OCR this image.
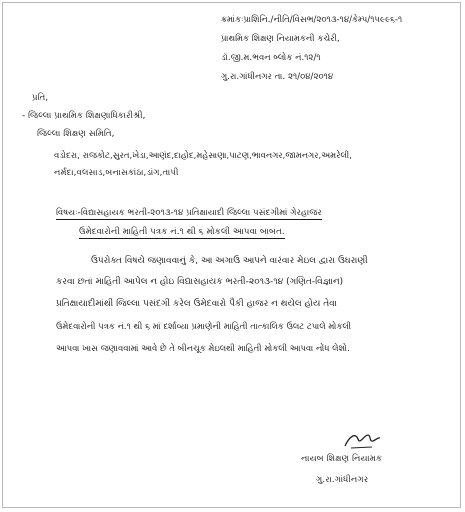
ક્રમાંકઃપ્રાશિનિ./નીતિ/વિસભ/૨૦૧૩-૧૪/કેમ્પ/૧૫૯૯૬-૧
પ્રાથમિક શિક્ષણ નિયામકની કચેરી,
ડૉ.જી.મ.ભવન બ્લોક નં.૧૨/૧
ગુ.રા.ગાંધીનગર તા. ૨૧/૦૪/૨૦૧૪
પ્રતિ,
- જિલ્લા પ્રાથમિક શિક્ષણાધિકારીશ્રી,
જિલ્લા શિક્ષણ સમિતિ,
વડોદરા, રાજકોટ,સુરત,ખેડા,આણંદ,દાહોદ,મહેસાણા,પાટણ,ભાવનગર,જામનગર,અમરેલી,
નર્મદા,વલસાડ,બનાસકાંઠા,ડાંગ,તાપી
વિષયઃ-વિદ્યાસહાયક ભરતી-૨૦૧૩-૧૪ પ્રતિક્ષાયાદી જિલ્લા પસંદગીમાં ગેરહાજર
ઉમેદવારોની માહિતી પત્રક નં.૧ થી ૬ મોકલી આપવા બાબત.
ઉપરોક્ત વિષયે જણાવવાનું કે, આ અગાઉ આપને વારંવાર મેઇલ દ્વારા ઉઘરાણી
કરવા છતાં માહિતી આપેલ ન હોઇ વિદ્યાસહાયક ભરતી-૨૦૧૩-૧૪ (ગણિત-વિજ્ઞાન)
પ્રતિક્ષાયાદીમાંથી જિલ્લા પસંદગી કરેલ ઉમેદવારો પૈકી હાજર ન થયેલ હોય તેવા
ઉમેદવારોની પત્રક નં.૧ થી ૬ માં દર્શાવ્યા પ્રમાણેની માહિતી તાત્કાલિક ઉલટ ટપાલે મોકલી
આપવા ખાસ જણાવવામાં આવે છે તે બીનચૂક મેઇલથી માહિતી મોકલી આપવા નોંધ લેશો.
નાયબ શિક્ષણ નિયામક
ગુ.રા.ગાંધીનગર
